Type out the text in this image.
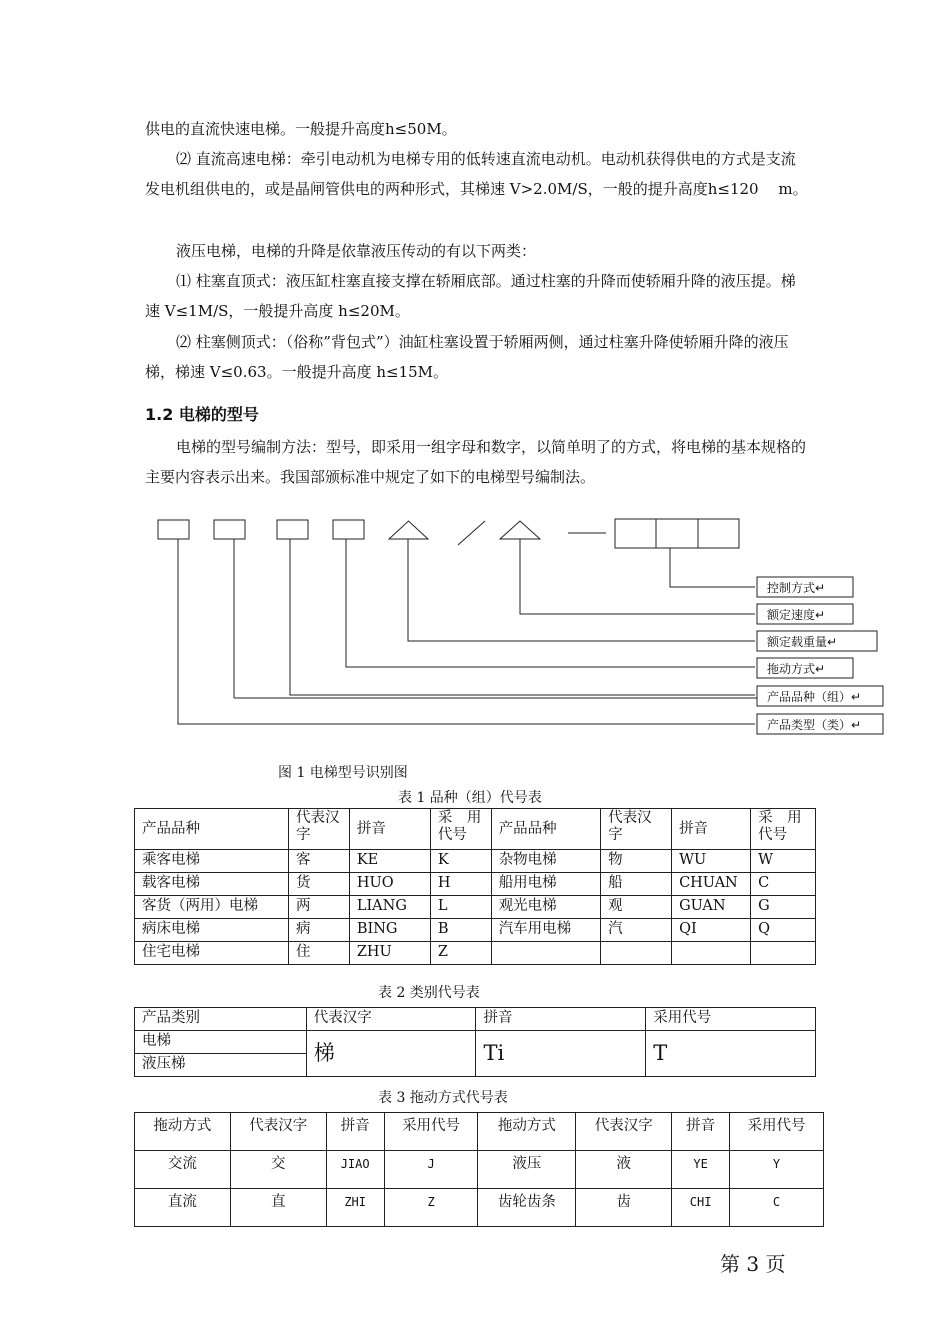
供电的直流快速电梯。一般提升高度h≤50M。

⑵ 直流高速电梯：牵引电动机为电梯专用的低转速直流电动机。电动机获得供电的方式是支流发电机组供电的，或是晶闸管供电的两种形式，其梯速 V>2.0M/S，一般的提升高度h≤120　 m。

液压电梯，电梯的升降是依靠液压传动的有以下两类：

⑴ 柱塞直顶式：液压缸柱塞直接支撑在轿厢底部。通过柱塞的升降而使轿厢升降的液压提。梯速 V≤1M/S，一般提升高度 h≤20M。

⑵ 柱塞侧顶式：（俗称”背包式”）油缸柱塞设置于轿厢两侧，通过柱塞升降使轿厢升降的液压梯，梯速 V≤0.63。一般提升高度 h≤15M。

1.2 电梯的型号

电梯的型号编制方法：型号，即采用一组字母和数字，以简单明了的方式，将电梯的基本规格的主要内容表示出来。我国部颁标准中规定了如下的电梯型号编制法。

控制方式↵
额定速度↵
额定载重量↵
拖动方式↵
产品品种（组）↵
产品类型（类）↵

图 1 电梯型号识别图

表 1 品种（组）代号表

产品品种	代表汉字	拼音	采　用代号	产品品种	代表汉字	拼音	采　用代号
乘客电梯	客	KE	K	杂物电梯	物	WU	W
载客电梯	货	HUO	H	船用电梯	船	CHUAN	C
客货（两用）电梯	两	LIANG	L	观光电梯	观	GUAN	G
病床电梯	病	BING	B	汽车用电梯	汽	QI	Q
住宅电梯	住	ZHU	Z				

表 2 类别代号表

产品类别	代表汉字	拼音	采用代号
电梯	梯	Ti	T
液压梯			

表 3 拖动方式代号表

拖动方式	代表汉字	拼音	采用代号	拖动方式	代表汉字	拼音	采用代号
交流	交	JIAO	J	液压	液	YE	Y
直流	直	ZHI	Z	齿轮齿条	齿	CHI	C
第 3 页
